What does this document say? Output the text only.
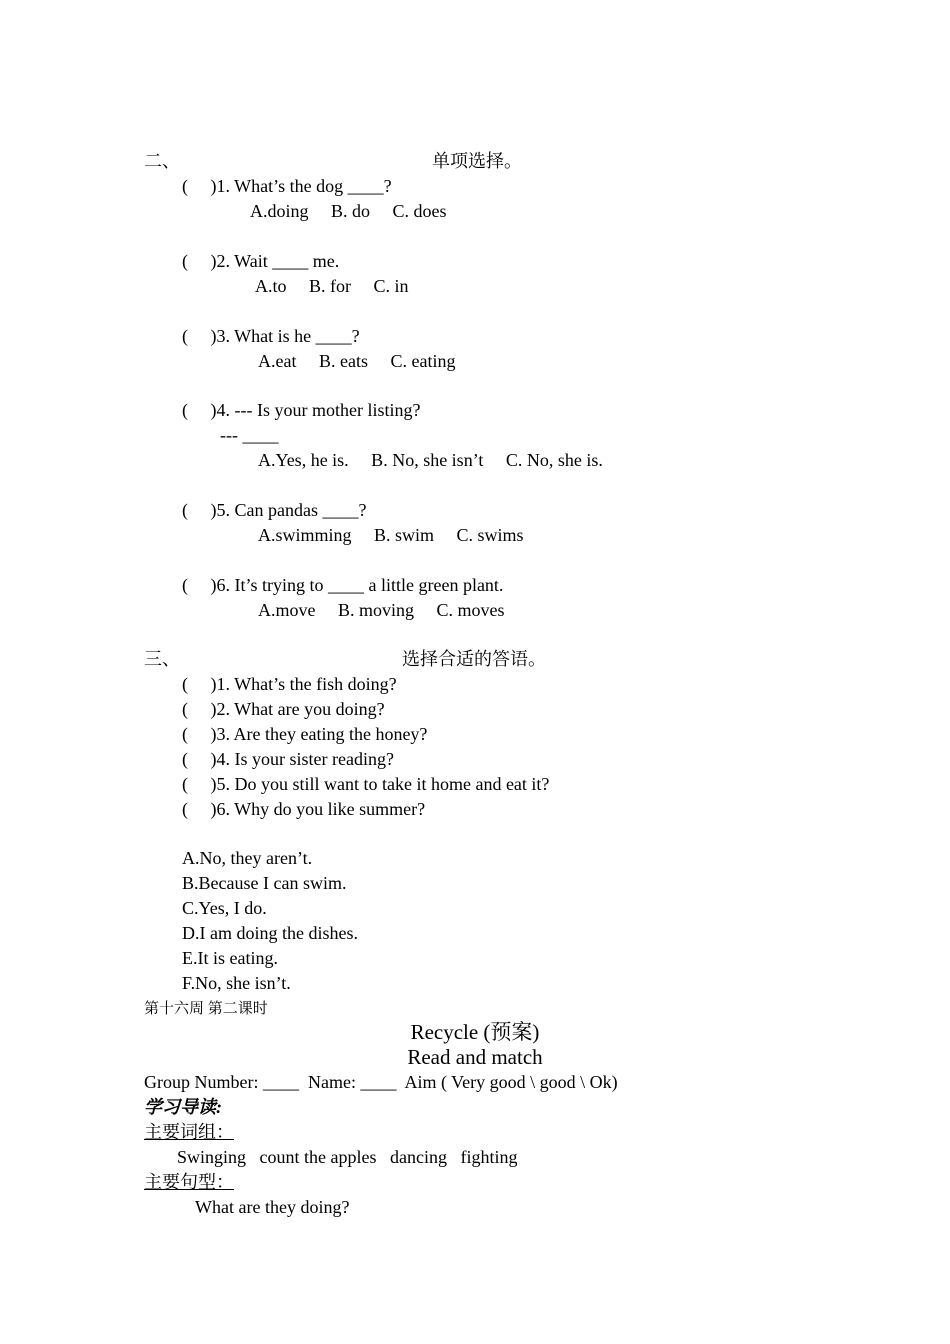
二、	单项选择。
(     )1. What’s the dog ____?
A.doing     B. do     C. does
(     )2. Wait ____ me.
A.to     B. for     C. in
(     )3. What is he ____?
A.eat     B. eats     C. eating
(     )4. --- Is your mother listing?
--- ____
A.Yes, he is.     B. No, she isn’t     C. No, she is.
(     )5. Can pandas ____?
A.swimming     B. swim     C. swims
(     )6. It’s trying to ____ a little green plant.
A.move     B. moving     C. moves
三、	选择合适的答语。
(     )1. What’s the fish doing?
(     )2. What are you doing?
(     )3. Are they eating the honey?
(     )4. Is your sister reading?
(     )5. Do you still want to take it home and eat it?
(     )6. Why do you like summer?
A.No, they aren’t.
B.Because I can swim.
C.Yes, I do.
D.I am doing the dishes.
E.It is eating.
F.No, she isn’t.
第十六周 第二课时
Recycle (预案)
Read and match
Group Number: ____  Name: ____  Aim ( Very good \ good \ Ok)
学习导读:
主要词组：
Swinging   count the apples   dancing   fighting
主要句型：
What are they doing?
